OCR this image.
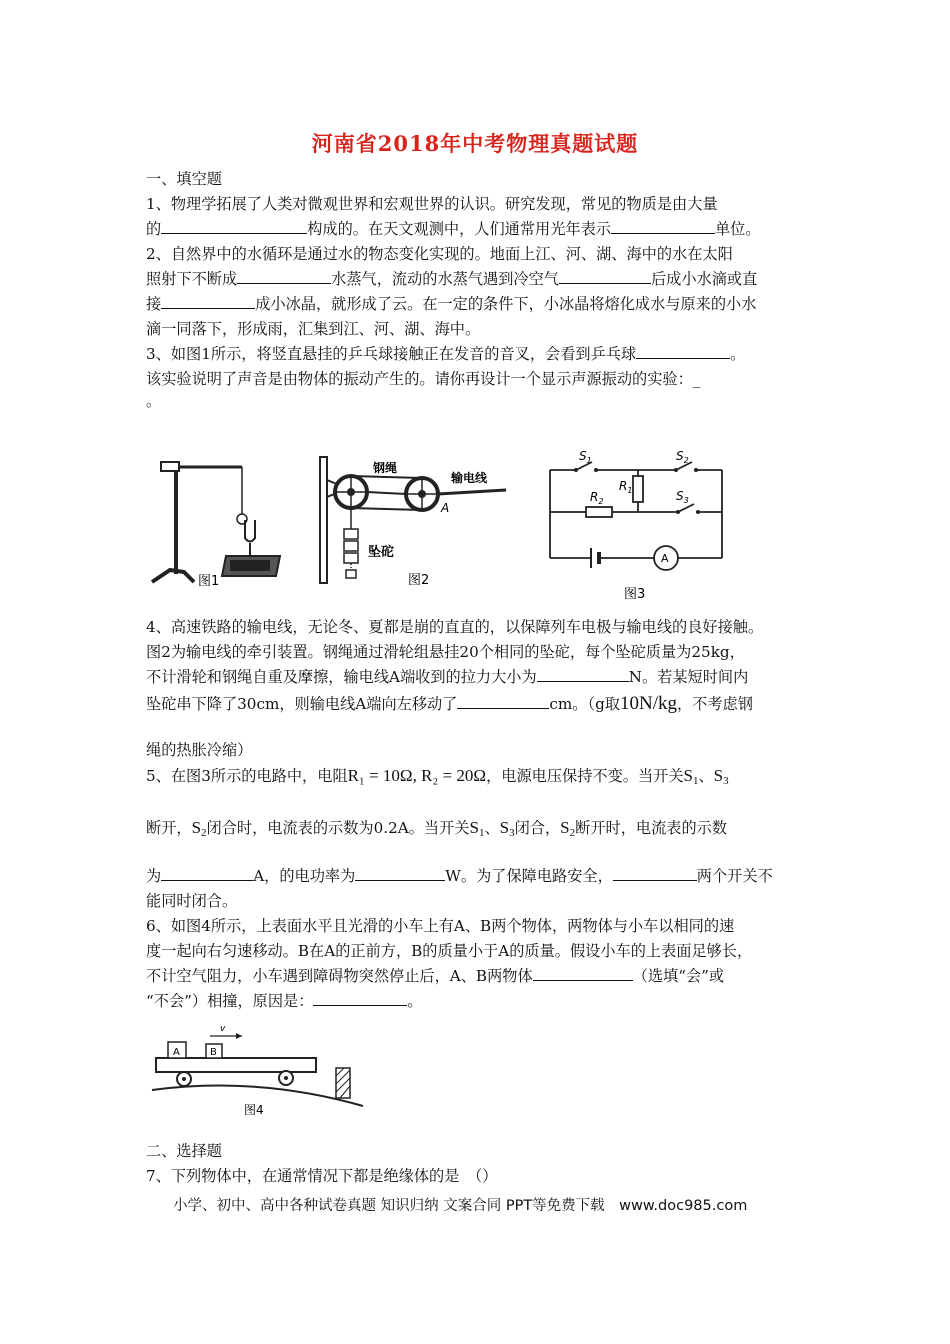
河南省2018年中考物理真题试题
一、填空题
1、物理学拓展了人类对微观世界和宏观世界的认识。研究发现，常见的物质是由大量
的	构成的。在天文观测中，人们通常用光年表示	单位。
2、自然界中的水循环是通过水的物态变化实现的。地面上江、河、湖、海中的水在太阳
照射下不断成	水蒸气，流动的水蒸气遇到冷空气	后成小水滴或直
接	成小冰晶，就形成了云。在一定的条件下，小冰晶将熔化成水与原来的小水
滴一同落下，形成雨，汇集到江、河、湖、海中。
3、如图1所示，将竖直悬挂的乒乓球接触正在发音的音叉，会看到乒乓球	。
该实验说明了声音是由物体的振动产生的。请你再设计一个显示声源振动的实验：_
。
图1
钢绳
输电线
A
坠砣
图2
$S_1$	$S_2$
$S_3$
$R_1$
$R_2$
A
图3
4、高速铁路的输电线，无论冬、夏都是崩的直直的，以保障列车电极与输电线的良好接触。
图2为输电线的牵引装置。钢绳通过滑轮组悬挂20个相同的坠砣，每个坠砣质量为25kg，
不计滑轮和钢绳自重及摩擦，输电线A端收到的拉力大小为	N。若某短时间内
坠砣串下降了30cm，则输电线A端向左移动了	cm。（g取10N/kg，不考虑钢
绳的热胀冷缩）
5、在图3所示的电路中，电阻R₁ = 10Ω, R₂ = 20Ω，电源电压保持不变。当开关$S_1$、$S_3$
断开，$S_2$闭合时，电流表的示数为0.2A。当开关$S_1$、$S_3$闭合，$S_2$断开时，电流表的示数
为	A，的电功率为	W。为了保障电路安全，	两个开关不
能同时闭合。
6、如图4所示，上表面水平且光滑的小车上有A、B两个物体，两物体与小车以相同的速
度一起向右匀速移动。B在A的正前方，B的质量小于A的质量。假设小车的上表面足够长，
不计空气阻力，小车遇到障碍物突然停止后，A、B两物体	（选填“会”或
“不会”）相撞，原因是：	。
A	B
v
图4
二、选择题
7、下列物体中，在通常情况下都是绝缘体的是　（）
小学、初中、高中各种试卷真题 知识归纳 文案合同 PPT等免费下载　www.doc985.com
